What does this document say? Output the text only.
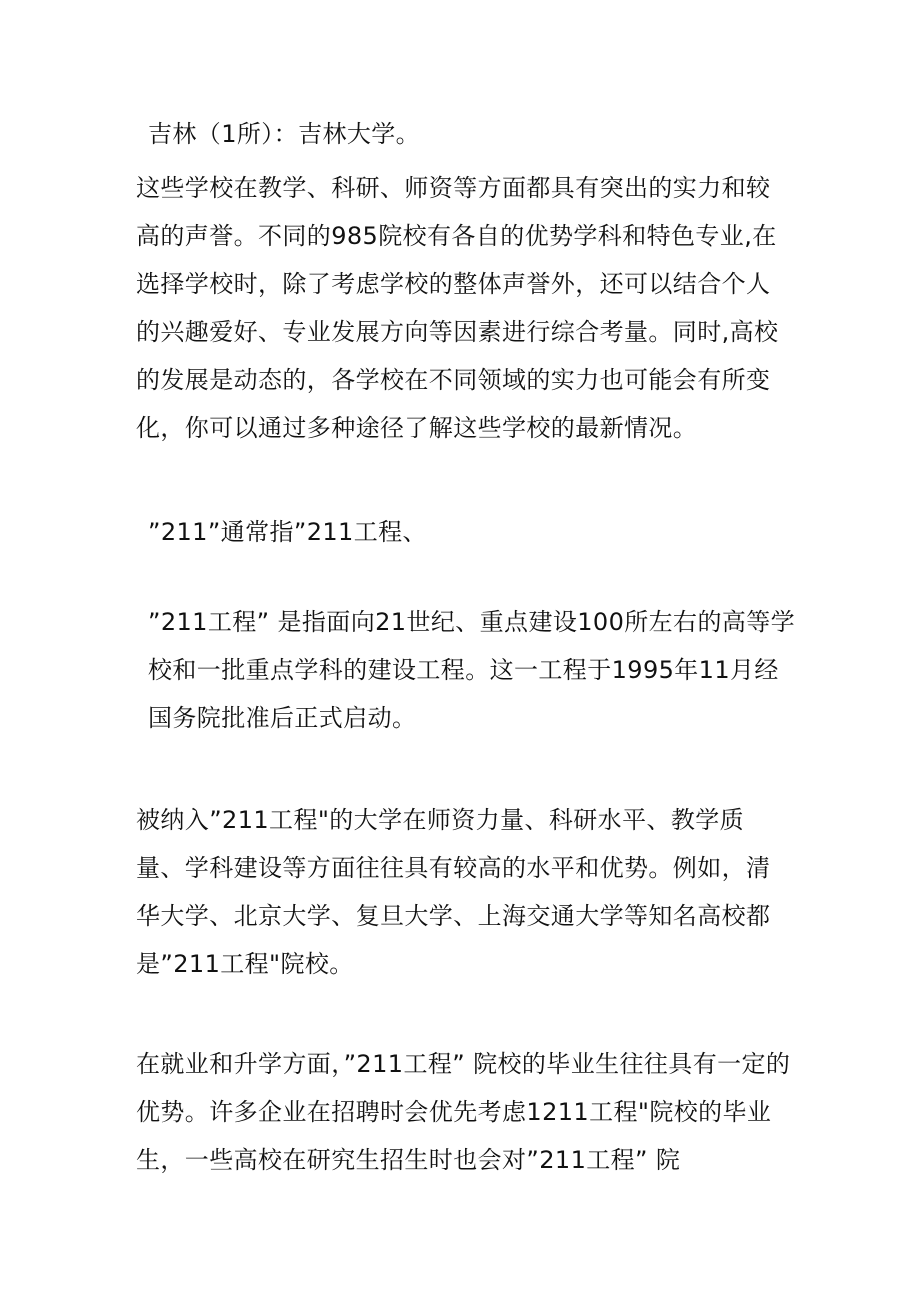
吉林（1所）：吉林大学。

这些学校在教学、科研、师资等方面都具有突出的实力和较高的声誉。不同的985院校有各自的优势学科和特色专业,在选择学校时，除了考虑学校的整体声誉外，还可以结合个人的兴趣爱好、专业发展方向等因素进行综合考量。同时,高校的发展是动态的，各学校在不同领域的实力也可能会有所变化，你可以通过多种途径了解这些学校的最新情况。

”211”通常指”211工程、

”211工程” 是指面向21世纪、重点建设100所左右的高等学校和一批重点学科的建设工程。这一工程于1995年11月经国务院批准后正式启动。

被纳入”211工程"的大学在师资力量、科研水平、教学质量、学科建设等方面往往具有较高的水平和优势。例如，清华大学、北京大学、复旦大学、上海交通大学等知名高校都是”211工程"院校。

在就业和升学方面，”211工程” 院校的毕业生往往具有一定的优势。许多企业在招聘时会优先考虑1211工程"院校的毕业生，一些高校在研究生招生时也会对”211工程” 院
